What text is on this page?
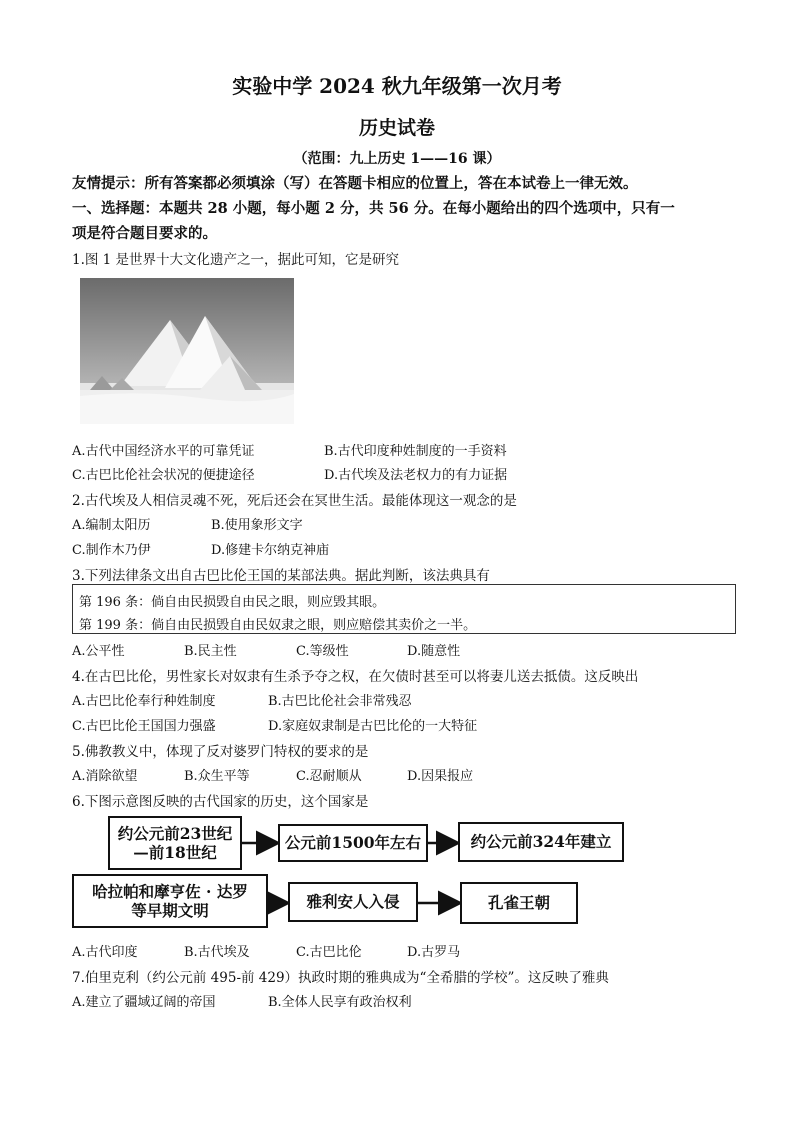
实验中学 2024 秋九年级第一次月考
历史试卷
（范围：九上历史 1——16 课）
友情提示：所有答案都必须填涂（写）在答题卡相应的位置上，答在本试卷上一律无效。
一、选择题：本题共 28 小题，每小题 2 分，共 56 分。在每小题给出的四个选项中，只有一
项是符合题目要求的。
1.图 1 是世界十大文化遗产之一，据此可知，它是研究
A.古代中国经济水平的可靠凭证	B.古代印度种姓制度的一手资料
C.古巴比伦社会状况的便捷途径	D.古代埃及法老权力的有力证据
2.古代埃及人相信灵魂不死，死后还会在冥世生活。最能体现这一观念的是
A.编制太阳历	B.使用象形文字
C.制作木乃伊	D.修建卡尔纳克神庙
3.下列法律条文出自古巴比伦王国的某部法典。据此判断，该法典具有
第 196 条：倘自由民损毁自由民之眼，则应毁其眼。
第 199 条：倘自由民损毁自由民奴隶之眼，则应赔偿其卖价之一半。
A.公平性	B.民主性	C.等级性	D.随意性
4.在古巴比伦，男性家长对奴隶有生杀予夺之权，在欠债时甚至可以将妻儿送去抵债。这反映出
A.古巴比伦奉行种姓制度	B.古巴比伦社会非常残忍
C.古巴比伦王国国力强盛	D.家庭奴隶制是古巴比伦的一大特征
5.佛教教义中，体现了反对婆罗门特权的要求的是
A.消除欲望	B.众生平等	C.忍耐顺从	D.因果报应
6.下图示意图反映的古代国家的历史，这个国家是
约公元前23世纪
—前18世纪
公元前1500年左右	约公元前324年建立
哈拉帕和摩亨佐 · 达罗
等早期文明	雅利安人入侵	孔雀王朝
A.古代印度	B.古代埃及	C.古巴比伦	D.古罗马
7.伯里克利（约公元前 495-前 429）执政时期的雅典成为“全希腊的学校”。这反映了雅典
A.建立了疆域辽阔的帝国	B.全体人民享有政治权利
